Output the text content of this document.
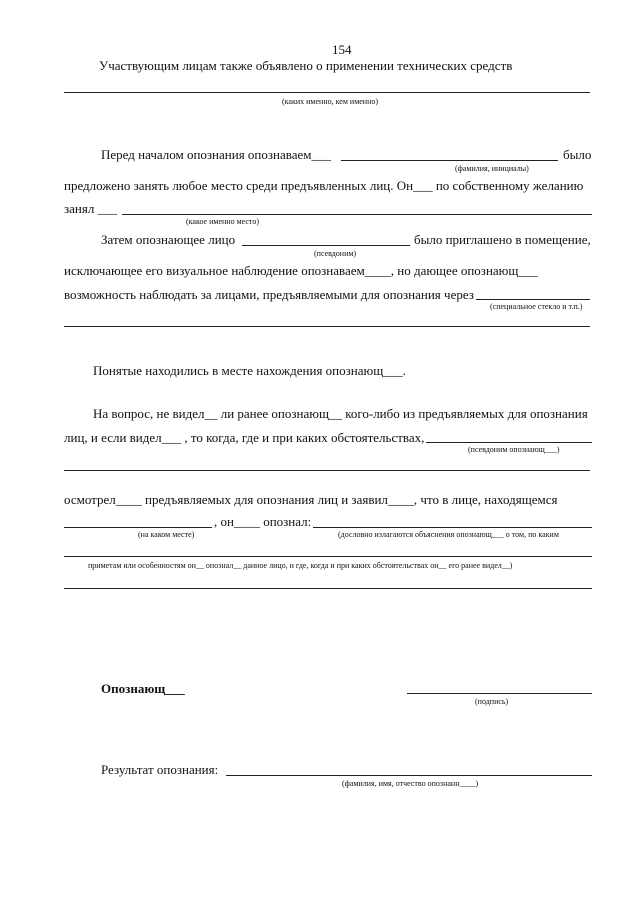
154
Участвующим лицам также объявлено о применении технических средств
(каких именно, кем именно)
Перед началом опознания опознаваем___	было
(фамилия, инициалы)
предложено занять любое место среди предъявленных лиц. Он___ по собственному желанию
занял ___
(какое именно место)
Затем опознающее лицо	было приглашено в помещение,
(псевдоним)
исключающее его визуальное наблюдение опознаваем____, но дающее опознающ___
возможность наблюдать за лицами, предъявляемыми для опознания через
(специальное стекло и т.п.)
Понятые находились в месте нахождения опознающ___.
На вопрос, не видел__ ли ранее опознающ__ кого-либо из предъявляемых для опознания
лиц, и если видел___ , то когда, где и при каких обстоятельствах,
(псевдоним опознающ___)
осмотрел____ предъявляемых для опознания лиц и заявил____, что в лице, находящемся
, он____ опознал:
(на каком месте)	(дословно излагаются объяснения опознающ___ о том, по каким
приметам или особенностям он__ опознал__ данное лицо, и где, когда и при каких обстоятельствах он__ его ранее видел__)
Опознающ___
(подпись)
Результат опознания:
(фамилия, имя, отчество опознанн____)
